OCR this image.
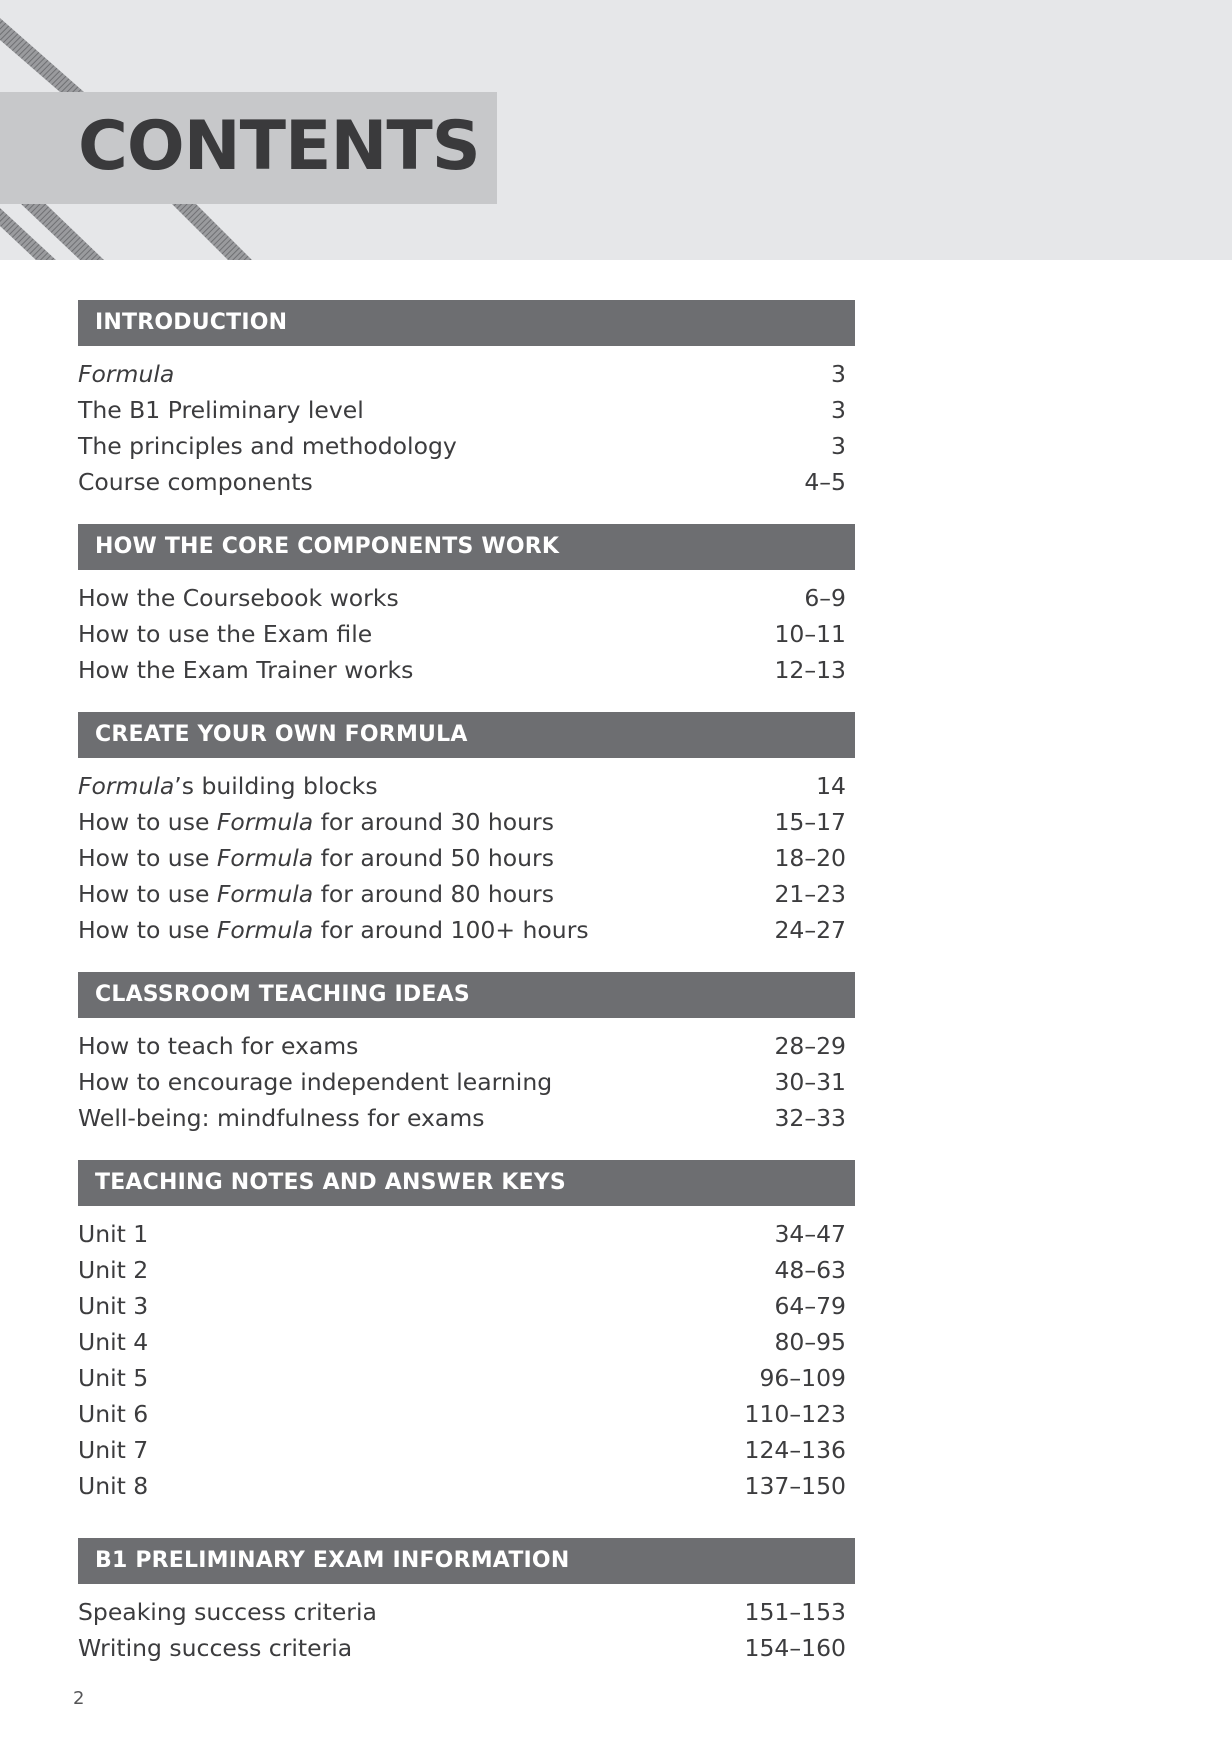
CONTENTS
INTRODUCTION
Formula	3
The B1 Preliminary level	3
The principles and methodology	3
Course components	4–5
HOW THE CORE COMPONENTS WORK
How the Coursebook works	6–9
How to use the Exam file	10–11
How the Exam Trainer works	12–13
CREATE YOUR OWN FORMULA
Formula’s building blocks	14
How to use Formula for around 30 hours	15–17
How to use Formula for around 50 hours	18–20
How to use Formula for around 80 hours	21–23
How to use Formula for around 100+ hours	24–27
CLASSROOM TEACHING IDEAS
How to teach for exams	28–29
How to encourage independent learning	30–31
Well-being: mindfulness for exams	32–33
TEACHING NOTES AND ANSWER KEYS
Unit 1	34–47
Unit 2	48–63
Unit 3	64–79
Unit 4	80–95
Unit 5	96–109
Unit 6	110–123
Unit 7	124–136
Unit 8	137–150
B1 PRELIMINARY EXAM INFORMATION
Speaking success criteria	151–153
Writing success criteria	154–160
2
